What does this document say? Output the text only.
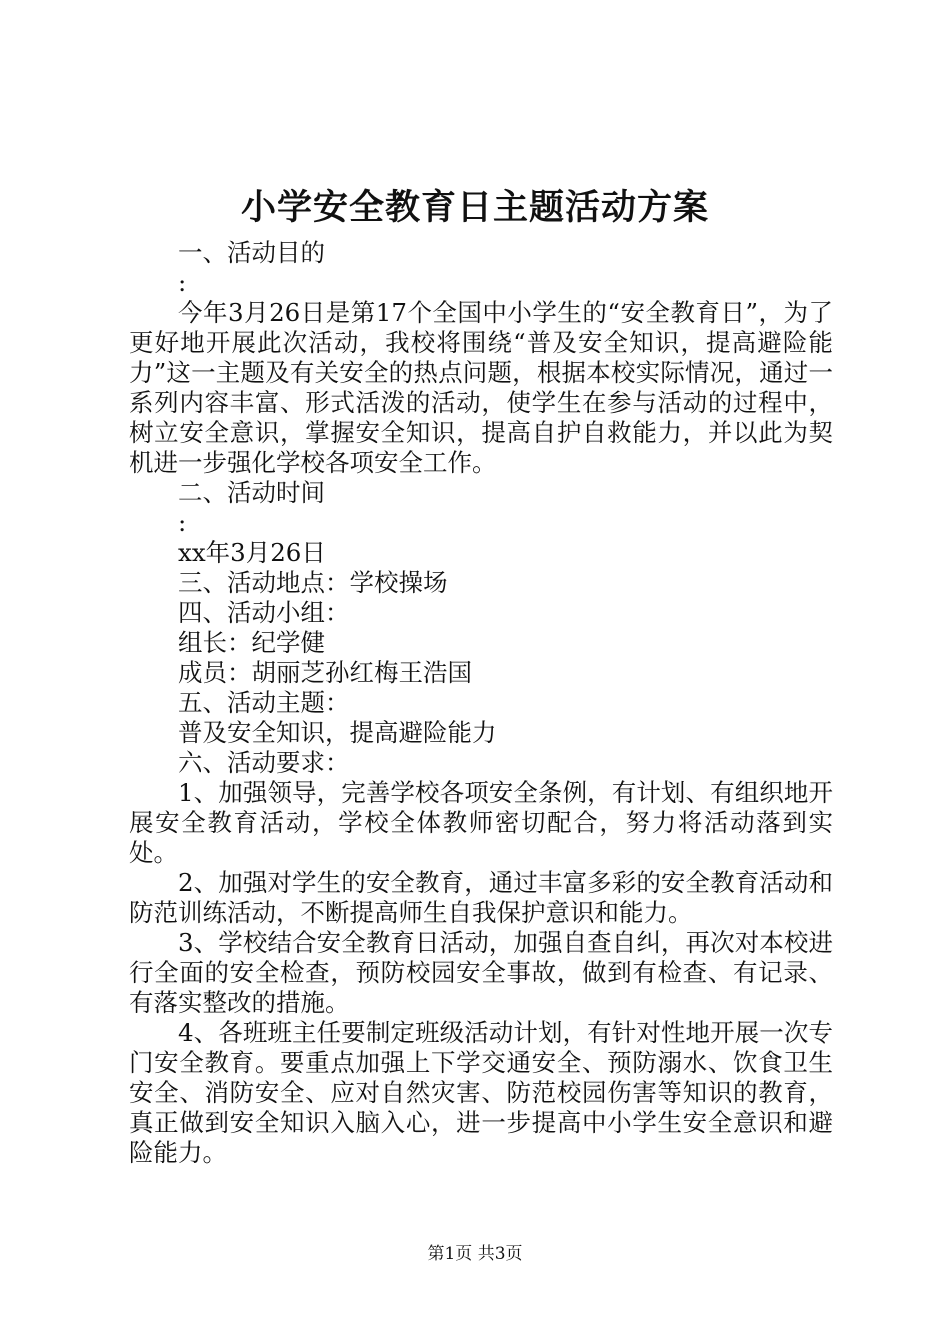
小学安全教育日主题活动方案
一、活动目的
:
今年3月26日是第17个全国中小学生的“安全教育日”，为了更好地开展此次活动，我校将围绕“普及安全知识，提高避险能力”这一主题及有关安全的热点问题，根据本校实际情况，通过一系列内容丰富、形式活泼的活动，使学生在参与活动的过程中，树立安全意识，掌握安全知识，提高自护自救能力，并以此为契机进一步强化学校各项安全工作。
二、活动时间
:
xx年3月26日
三、活动地点：学校操场
四、活动小组：
组长：纪学健
成员：胡丽芝孙红梅王浩国
五、活动主题：
普及安全知识，提高避险能力
六、活动要求：
1、加强领导，完善学校各项安全条例，有计划、有组织地开展安全教育活动，学校全体教师密切配合，努力将活动落到实处。
2、加强对学生的安全教育，通过丰富多彩的安全教育活动和防范训练活动，不断提高师生自我保护意识和能力。
3、学校结合安全教育日活动，加强自查自纠，再次对本校进行全面的安全检查，预防校园安全事故，做到有检查、有记录、有落实整改的措施。
4、各班班主任要制定班级活动计划，有针对性地开展一次专门安全教育。要重点加强上下学交通安全、预防溺水、饮食卫生安全、消防安全、应对自然灾害、防范校园伤害等知识的教育，真正做到安全知识入脑入心，进一步提高中小学生安全意识和避险能力。
第1页 共3页
